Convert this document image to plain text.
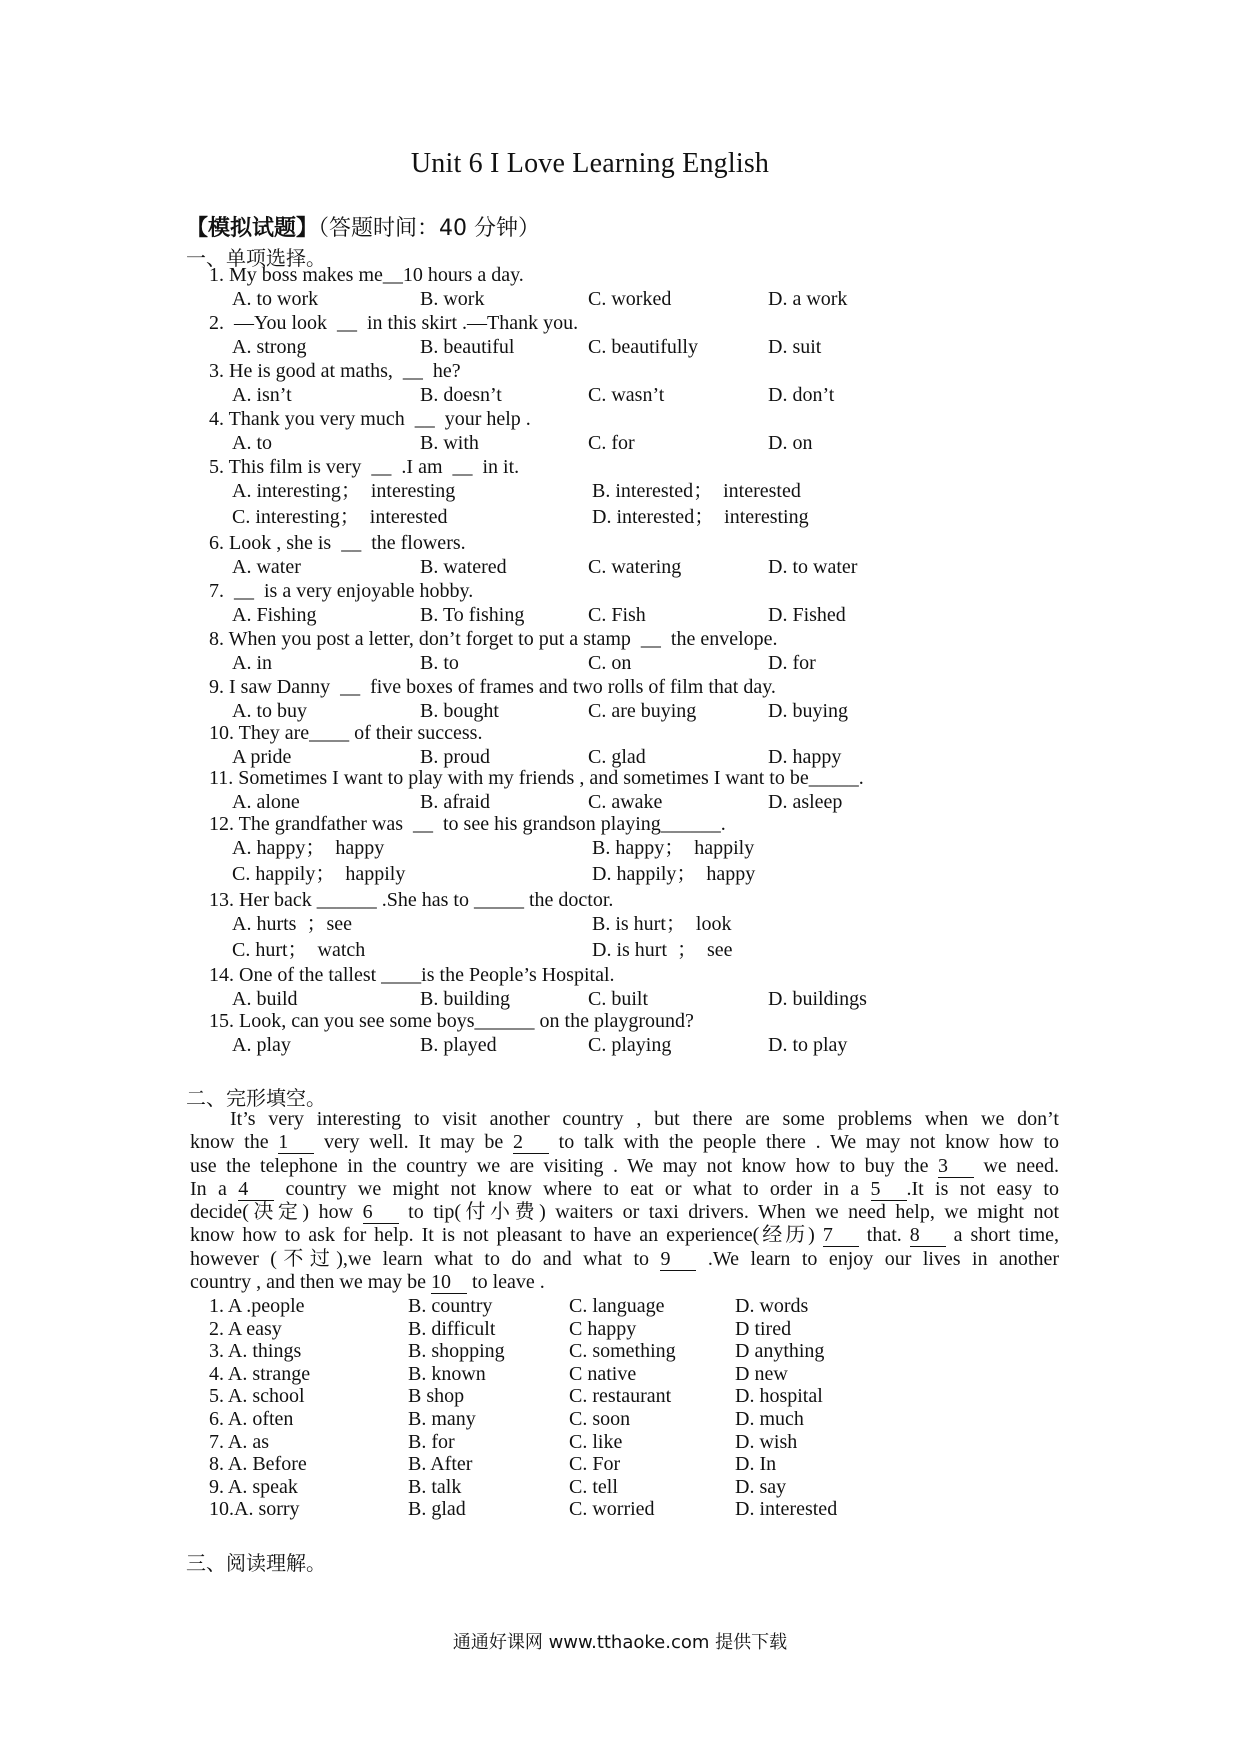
Unit 6 I Love Learning English
【模拟试题】（答题时间：40 分钟）
一、单项选择。
1. My boss makes me__10 hours a day.
A. to work	B. work	C. worked	D. a work
2.  —You look  __  in this skirt .—Thank you.
A. strong	B. beautiful	C. beautifully	D. suit
3. He is good at maths,  __  he?
A. isn’t	B. doesn’t	C. wasn’t	D. don’t
4. Thank you very much  __  your help .
A. to	B. with	C. for	D. on
5. This film is very  __  .I am  __  in it.
A. interesting；  interesting	B. interested；  interested
C. interesting；  interested	D. interested；  interesting
6. Look , she is  __  the flowers.
A. water	B. watered	C. watering	D. to water
7.  __  is a very enjoyable hobby.
A. Fishing	B. To fishing	C. Fish	D. Fished
8. When you post a letter, don’t forget to put a stamp  __  the envelope.
A. in	B. to	C. on	D. for
9. I saw Danny  __  five boxes of frames and two rolls of film that day.
A. to buy	B. bought	C. are buying	D. buying
10. They are____ of their success.
A pride	B. proud	C. glad	D. happy
11. Sometimes I want to play with my friends , and sometimes I want to be_____.
A. alone	B. afraid	C. awake	D. asleep
12. The grandfather was  __  to see his grandson playing______.
A. happy；  happy	B. happy；  happily
C. happily；  happily	D. happily；  happy
13. Her back ______ .She has to _____ the doctor.
A. hurts  ；see	B. is hurt；  look
C. hurt；  watch	D. is hurt  ；  see
14. One of the tallest ____is the People’s Hospital.
A. build	B. building	C. built	D. buildings
15. Look, can you see some boys______ on the playground?
A. play	B. played	C. playing	D. to play
二、完形填空。
It’s very interesting to visit another country , but there are some problems when we don’t
know the 1 very well. It may be 2 to talk with the people there . We may not know how to
use the telephone in the country we are visiting . We may not know how to buy the 3 we need.
In a 4 country we might not know where to eat or what to order in a 5 .It is not easy to
decide(决定) how 6 to tip(付小费) waiters or taxi drivers. When we need help, we might not
know how to ask for help. It is not pleasant to have an experience(经历) 7 that. 8 a short time,
however (不过),we learn what to do and what to 9 .We learn to enjoy our lives in another
country , and then we may be 10 to leave .
1. A .people	B. country	C. language	D. words
2. A easy	B. difficult	C happy	D tired
3. A. things	B. shopping	C. something	D anything
4. A. strange	B. known	C native	D new
5. A. school	B shop	C. restaurant	D. hospital
6. A. often	B. many	C. soon	D. much
7. A. as	B. for	C. like	D. wish
8. A. Before	B. After	C. For	D. In
9. A. speak	B. talk	C. tell	D. say
10.A. sorry	B. glad	C. worried	D. interested
三、阅读理解。
通通好课网 www.tthaoke.com 提供下载
